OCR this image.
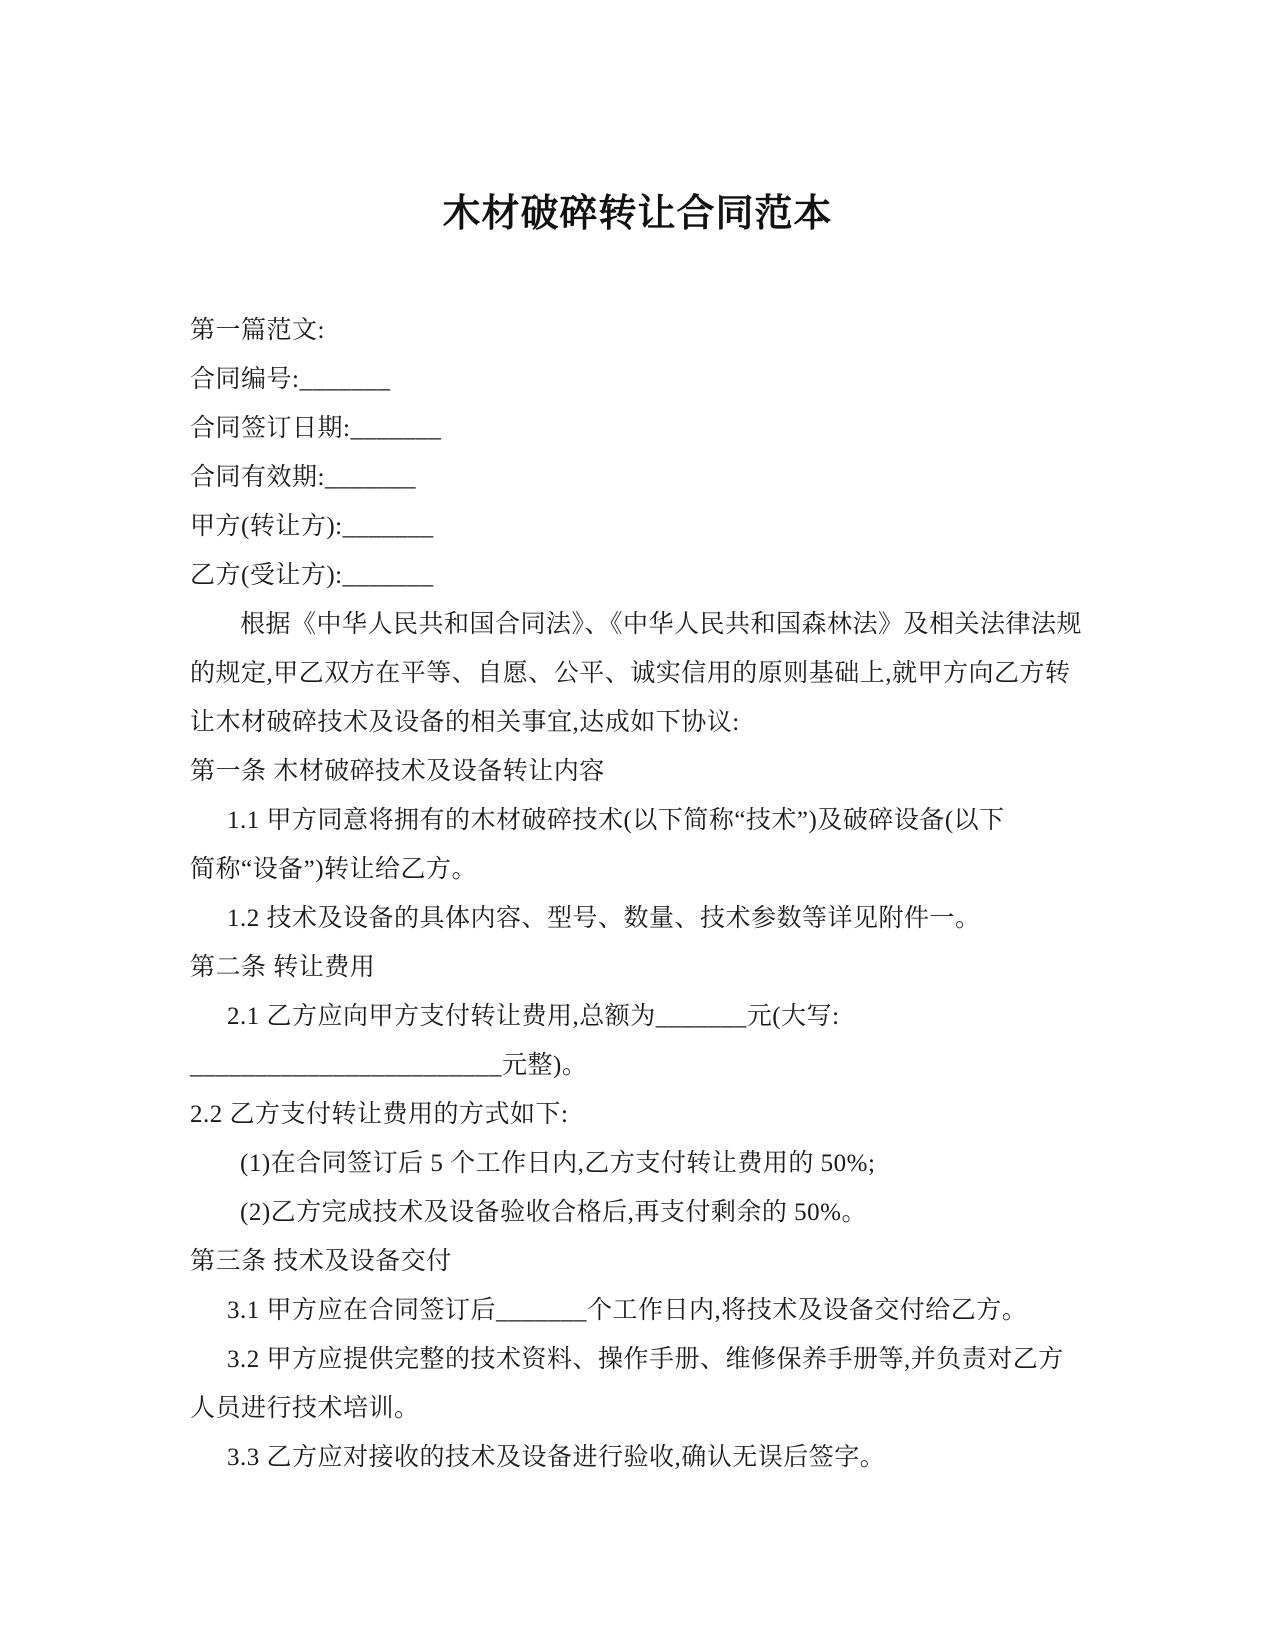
木材破碎转让合同范本
第一篇范文:
合同编号:_______
合同签订日期:_______
合同有效期:_______
甲方(转让方):_______
乙方(受让方):_______
根据《中华人民共和国合同法》、《中华人民共和国森林法》及相关法律法规
的规定,甲乙双方在平等、自愿、公平、诚实信用的原则基础上,就甲方向乙方转
让木材破碎技术及设备的相关事宜,达成如下协议:
第一条 木材破碎技术及设备转让内容
1.1 甲方同意将拥有的木材破碎技术(以下简称“技术”)及破碎设备(以下
简称“设备”)转让给乙方。
1.2 技术及设备的具体内容、型号、数量、技术参数等详见附件一。
第二条 转让费用
2.1 乙方应向甲方支付转让费用,总额为_______元(大写:
________________________元整)。
2.2 乙方支付转让费用的方式如下:
(1)在合同签订后 5 个工作日内,乙方支付转让费用的 50%;
(2)乙方完成技术及设备验收合格后,再支付剩余的 50%。
第三条 技术及设备交付
3.1 甲方应在合同签订后_______个工作日内,将技术及设备交付给乙方。
3.2 甲方应提供完整的技术资料、操作手册、维修保养手册等,并负责对乙方
人员进行技术培训。
3.3 乙方应对接收的技术及设备进行验收,确认无误后签字。
